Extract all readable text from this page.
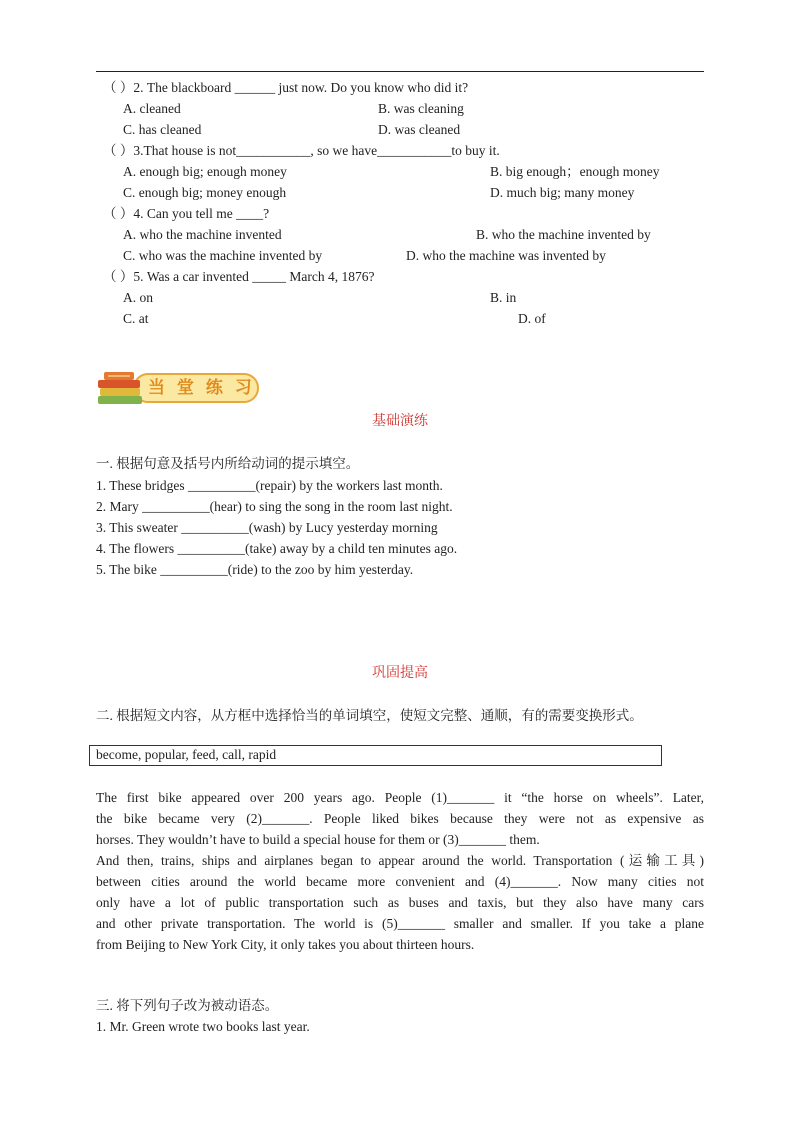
（ ）2. The blackboard ______ just now. Do you know who did it?
A. cleaned	B. was cleaning
C. has cleaned	D. was cleaned
（ ）3.That house is not___________, so we have___________to buy it.
A. enough big; enough money	B. big enough；enough money
C. enough big; money enough	D. much big; many money
（ ）4. Can you tell me ____?
A. who the machine invented	B. who the machine invented by
C. who was the machine invented by	D. who the machine was invented by
（ ）5. Was a car invented _____ March 4, 1876?
A. on	B. in
C. at	D. of
当 堂 练 习
基础演练
一. 根据句意及括号内所给动词的提示填空。
1. These bridges __________(repair) by the workers last month.
2. Mary __________(hear) to sing the song in the room last night.
3. This sweater __________(wash) by Lucy yesterday morning
4. The flowers __________(take) away by a child ten minutes ago.
5. The bike __________(ride) to the zoo by him yesterday.
巩固提高
二. 根据短文内容，从方框中选择恰当的单词填空，使短文完整、通顺，有的需要变换形式。
become, popular, feed, call, rapid
The first bike appeared over 200 years ago. People (1)_______ it “the horse on wheels”. Later,
the bike became very (2)_______. People liked bikes because they were not as expensive as
horses. They wouldn’t have to build a special house for them or (3)_______ them.
And then, trains, ships and airplanes began to appear around the world. Transportation (运输工具)
between cities around the world became more convenient and (4)_______. Now many cities not
only have a lot of public transportation such as buses and taxis, but they also have many cars
and other private transportation. The world is (5)_______ smaller and smaller. If you take a plane
from Beijing to New York City, it only takes you about thirteen hours.
三. 将下列句子改为被动语态。
1. Mr. Green wrote two books last year.
